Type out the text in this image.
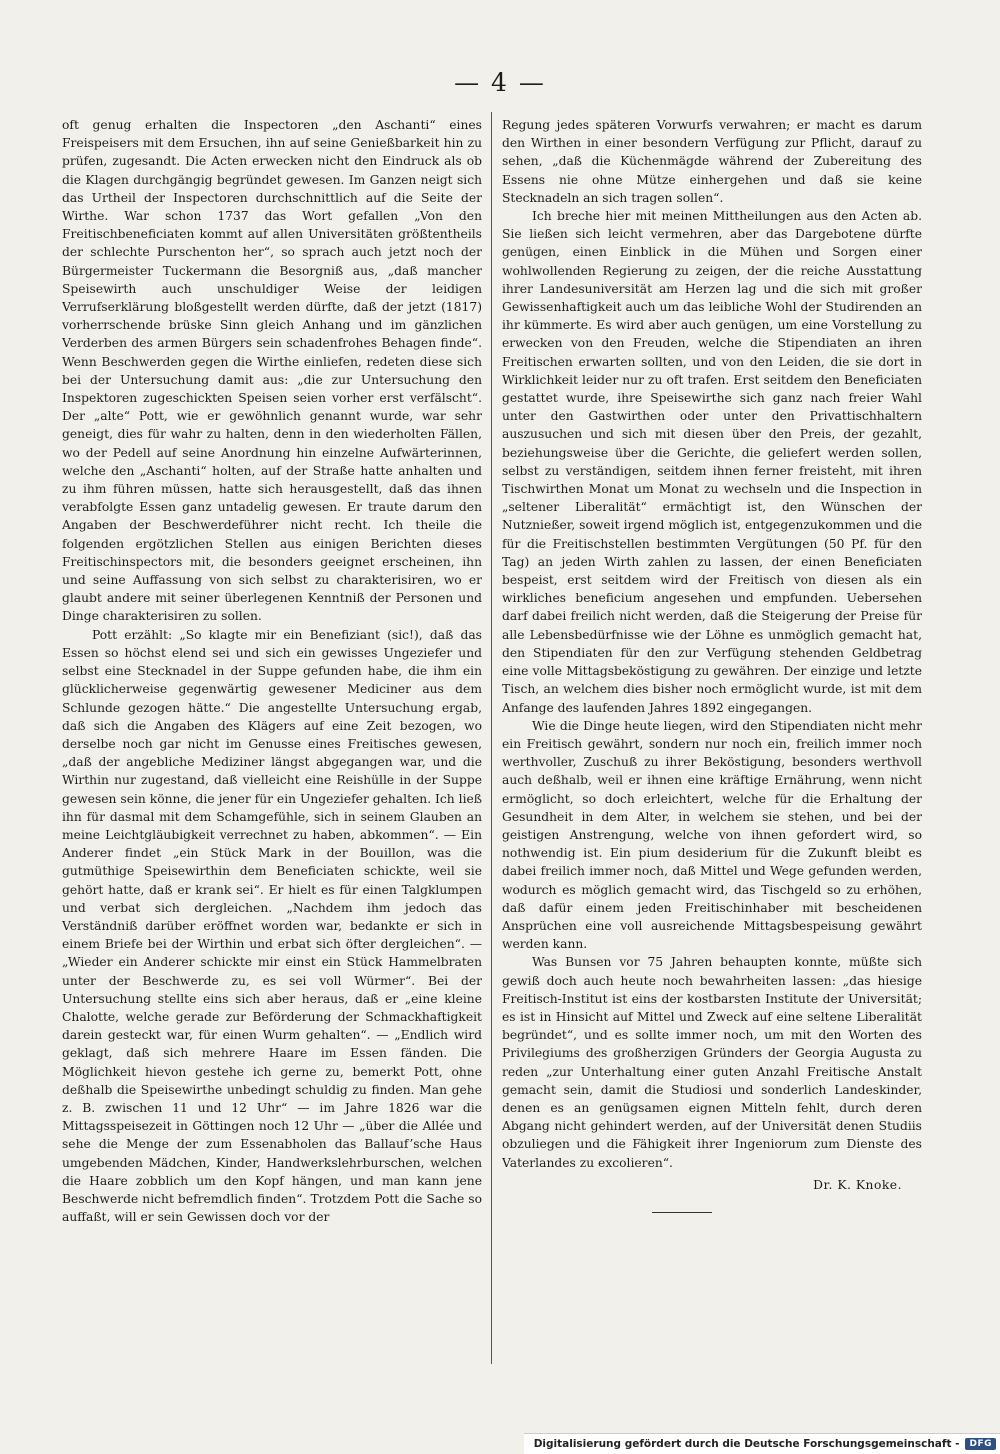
— 4 —

oft genug erhalten die Inspectoren „den Aschanti“ eines Freispeisers mit dem Ersuchen, ihn auf seine Genießbarkeit hin zu prüfen, zugesandt. Die Acten erwecken nicht den Eindruck als ob die Klagen durchgängig begründet gewesen. Im Ganzen neigt sich das Urtheil der Inspectoren durchschnittlich auf die Seite der Wirthe. War schon 1737 das Wort gefallen „Von den Freitischbeneficiaten kommt auf allen Universitäten größtentheils der schlechte Purschenton her“, so sprach auch jetzt noch der Bürgermeister Tuckermann die Besorgniß aus, „daß mancher Speisewirth auch unschuldiger Weise der leidigen Verrufserklärung bloßgestellt werden dürfte, daß der jetzt (1817) vorherrschende brüske Sinn gleich Anhang und im gänzlichen Verderben des armen Bürgers sein schadenfrohes Behagen finde“. Wenn Beschwerden gegen die Wirthe einliefen, redeten diese sich bei der Untersuchung damit aus: „die zur Untersuchung den Inspektoren zugeschickten Speisen seien vorher erst verfälscht“. Der „alte“ Pott, wie er gewöhnlich genannt wurde, war sehr geneigt, dies für wahr zu halten, denn in den wiederholten Fällen, wo der Pedell auf seine Anordnung hin einzelne Aufwärterinnen, welche den „Aschanti“ holten, auf der Straße hatte anhalten und zu ihm führen müssen, hatte sich herausgestellt, daß das ihnen verabfolgte Essen ganz untadelig gewesen. Er traute darum den Angaben der Beschwerdeführer nicht recht. Ich theile die folgenden ergötzlichen Stellen aus einigen Berichten dieses Freitischinspectors mit, die besonders geeignet erscheinen, ihn und seine Auffassung von sich selbst zu charakterisiren, wo er glaubt andere mit seiner überlegenen Kenntniß der Personen und Dinge charakterisiren zu sollen.

Pott erzählt: „So klagte mir ein Benefiziant (sic!), daß das Essen so höchst elend sei und sich ein gewisses Ungeziefer und selbst eine Stecknadel in der Suppe gefunden habe, die ihm ein glücklicherweise gegenwärtig gewesener Mediciner aus dem Schlunde gezogen hätte.“ Die angestellte Untersuchung ergab, daß sich die Angaben des Klägers auf eine Zeit bezogen, wo derselbe noch gar nicht im Genusse eines Freitisches gewesen, „daß der angebliche Mediziner längst abgegangen war, und die Wirthin nur zugestand, daß vielleicht eine Reishülle in der Suppe gewesen sein könne, die jener für ein Ungeziefer gehalten. Ich ließ ihn für dasmal mit dem Schamgefühle, sich in seinem Glauben an meine Leichtgläubigkeit verrechnet zu haben, abkommen“. — Ein Anderer findet „ein Stück Mark in der Bouillon, was die gutmüthige Speisewirthin dem Beneficiaten schickte, weil sie gehört hatte, daß er krank sei“. Er hielt es für einen Talgklumpen und verbat sich dergleichen. „Nachdem ihm jedoch das Verständniß darüber eröffnet worden war, bedankte er sich in einem Briefe bei der Wirthin und erbat sich öfter dergleichen“. — „Wieder ein Anderer schickte mir einst ein Stück Hammelbraten unter der Beschwerde zu, es sei voll Würmer“. Bei der Untersuchung stellte eins sich aber heraus, daß er „eine kleine Chalotte, welche gerade zur Beförderung der Schmackhaftigkeit darein gesteckt war, für einen Wurm gehalten“. — „Endlich wird geklagt, daß sich mehrere Haare im Essen fänden. Die Möglichkeit hievon gestehe ich gerne zu, bemerkt Pott, ohne deßhalb die Speisewirthe unbedingt schuldig zu finden. Man gehe z. B. zwischen 11 und 12 Uhr“ — im Jahre 1826 war die Mittagsspeisezeit in Göttingen noch 12 Uhr — „über die Allée und sehe die Menge der zum Essenabholen das Ballauf’sche Haus umgebenden Mädchen, Kinder, Handwerkslehrburschen, welchen die Haare zobblich um den Kopf hängen, und man kann jene Beschwerde nicht befremdlich finden“. Trotzdem Pott die Sache so auffaßt, will er sein Gewissen doch vor der

Regung jedes späteren Vorwurfs verwahren; er macht es darum den Wirthen in einer besondern Verfügung zur Pflicht, darauf zu sehen, „daß die Küchenmägde während der Zubereitung des Essens nie ohne Mütze einhergehen und daß sie keine Stecknadeln an sich tragen sollen“.

Ich breche hier mit meinen Mittheilungen aus den Acten ab. Sie ließen sich leicht vermehren, aber das Dargebotene dürfte genügen, einen Einblick in die Mühen und Sorgen einer wohlwollenden Regierung zu zeigen, der die reiche Ausstattung ihrer Landesuniversität am Herzen lag und die sich mit großer Gewissenhaftigkeit auch um das leibliche Wohl der Studirenden an ihr kümmerte. Es wird aber auch genügen, um eine Vorstellung zu erwecken von den Freuden, welche die Stipendiaten an ihren Freitischen erwarten sollten, und von den Leiden, die sie dort in Wirklichkeit leider nur zu oft trafen. Erst seitdem den Beneficiaten gestattet wurde, ihre Speisewirthe sich ganz nach freier Wahl unter den Gastwirthen oder unter den Privattischhaltern auszusuchen und sich mit diesen über den Preis, der gezahlt, beziehungsweise über die Gerichte, die geliefert werden sollen, selbst zu verständigen, seitdem ihnen ferner freisteht, mit ihren Tischwirthen Monat um Monat zu wechseln und die Inspection in „seltener Liberalität“ ermächtigt ist, den Wünschen der Nutznießer, soweit irgend möglich ist, entgegenzukommen und die für die Freitischstellen bestimmten Vergütungen (50 Pf. für den Tag) an jeden Wirth zahlen zu lassen, der einen Beneficiaten bespeist, erst seitdem wird der Freitisch von diesen als ein wirkliches beneficium angesehen und empfunden. Uebersehen darf dabei freilich nicht werden, daß die Steigerung der Preise für alle Lebensbedürfnisse wie der Löhne es unmöglich gemacht hat, den Stipendiaten für den zur Verfügung stehenden Geldbetrag eine volle Mittagsbeköstigung zu gewähren. Der einzige und letzte Tisch, an welchem dies bisher noch ermöglicht wurde, ist mit dem Anfange des laufenden Jahres 1892 eingegangen.

Wie die Dinge heute liegen, wird den Stipendiaten nicht mehr ein Freitisch gewährt, sondern nur noch ein, freilich immer noch werthvoller, Zuschuß zu ihrer Beköstigung, besonders werthvoll auch deßhalb, weil er ihnen eine kräftige Ernährung, wenn nicht ermöglicht, so doch erleichtert, welche für die Erhaltung der Gesundheit in dem Alter, in welchem sie stehen, und bei der geistigen Anstrengung, welche von ihnen gefordert wird, so nothwendig ist. Ein pium desiderium für die Zukunft bleibt es dabei freilich immer noch, daß Mittel und Wege gefunden werden, wodurch es möglich gemacht wird, das Tischgeld so zu erhöhen, daß dafür einem jeden Freitischinhaber mit bescheidenen Ansprüchen eine voll ausreichende Mittagsbespeisung gewährt werden kann.

Was Bunsen vor 75 Jahren behaupten konnte, müßte sich gewiß doch auch heute noch bewahrheiten lassen: „das hiesige Freitisch-Institut ist eins der kostbarsten Institute der Universität; es ist in Hinsicht auf Mittel und Zweck auf eine seltene Liberalität begründet“, und es sollte immer noch, um mit den Worten des Privilegiums des großherzigen Gründers der Georgia Augusta zu reden „zur Unterhaltung einer guten Anzahl Freitische Anstalt gemacht sein, damit die Studiosi und sonderlich Landeskinder, denen es an genügsamen eignen Mitteln fehlt, durch deren Abgang nicht gehindert werden, auf der Universität denen Studiis obzuliegen und die Fähigkeit ihrer Ingeniorum zum Dienste des Vaterlandes zu excolieren“.

Dr. K. Knoke.
Digitalisierung gefördert durch die Deutsche Forschungsgemeinschaft -	DFG
